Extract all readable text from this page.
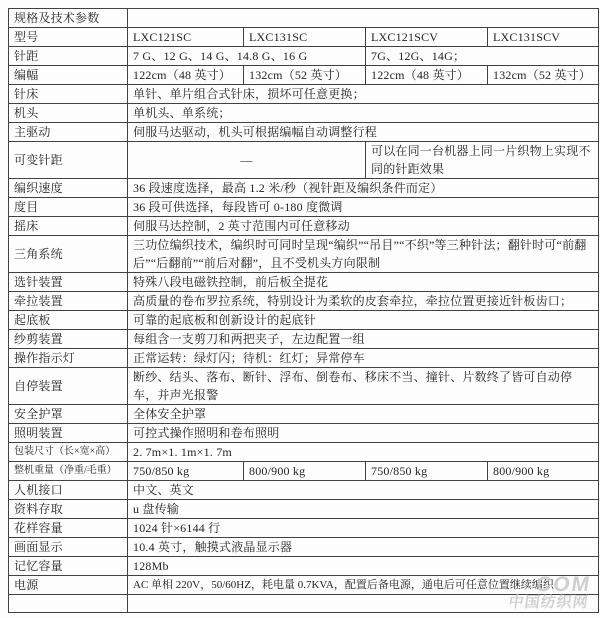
规格及技术参数				
型号	LXC121SC	LXC131SC	LXC121SCV	LXC131SCV
针距	7 G、12 G、14 G、14.8 G、16 G		7G、12G、14G；	
编幅	122cm（48 英寸）	132cm（52 英寸）	122cm（48 英寸）	132cm（52 英寸）
针床	单针、单片组合式针床，损坏可任意更换；			
机头	单机头、单系统；			
主驱动	伺服马达驱动，机头可根据编幅自动调整行程			
可变针距	—		可以在同一台机器上同一片织物上实现不同的针距效果	
编织速度	36 段速度选择，最高 1.2 米/秒（视针距及编织条件而定）			
度目	36 段可供选择，每段皆可 0-180 度微调			
摇床	伺服马达控制，2 英寸范围内可任意移动			
三角系统	三功位编织技术，编织时可同时呈现“编织”“吊目”“不织”等三种针法；翻针时可“前翻后”“后翻前”“前后对翻”，且不受机头方向限制			
选针装置	特殊八段电磁铁控制，前后板全提花			
牵拉装置	高质量的卷布罗拉系统，特别设计为柔软的皮套牵拉，牵拉位置更接近针板齿口；			
起底板	可靠的起底板和创新设计的起底针			
纱剪装置	每组含一支剪刀和两把夹子，左边配置一组			
操作指示灯	正常运转：绿灯闪；待机：红灯；异常停车			
自停装置	断纱、结头、落布、断针、浮布、倒卷布、移床不当、撞针、片数终了皆可自动停车，并声光报警			
安全护罩	全体安全护罩			
照明装置	可控式操作照明和卷布照明			
包装尺寸（长×宽×高）	2. 7m×1. 1m×1. 7m			
整机重量（净重/毛重）	750/850 kg	800/900 kg	750/850 kg	800/900 kg
人机接口	中文、英文			
资料存取	u 盘传输			
花样容量	1024 针×6144 行			
画面显示	10.4 英寸，触摸式液晶显示器			
记忆容量	128Mb			
电源	AC 单相 220V，50/60HZ，耗电量 0.7KVA，配置后备电源，通电后可任意位置继续编织			

COM
中国纺织网
